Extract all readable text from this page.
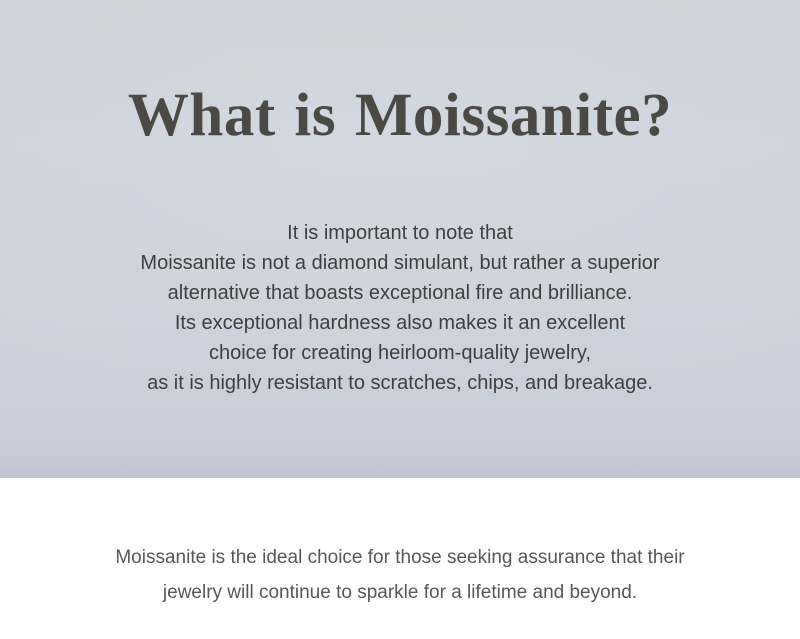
What is Moissanite?
It is important to note that
Moissanite is not a diamond simulant, but rather a superior
alternative that boasts exceptional fire and brilliance.
Its exceptional hardness also makes it an excellent
choice for creating heirloom-quality jewelry,
as it is highly resistant to scratches, chips, and breakage.
Moissanite is the ideal choice for those seeking assurance that their
jewelry will continue to sparkle for a lifetime and beyond.
